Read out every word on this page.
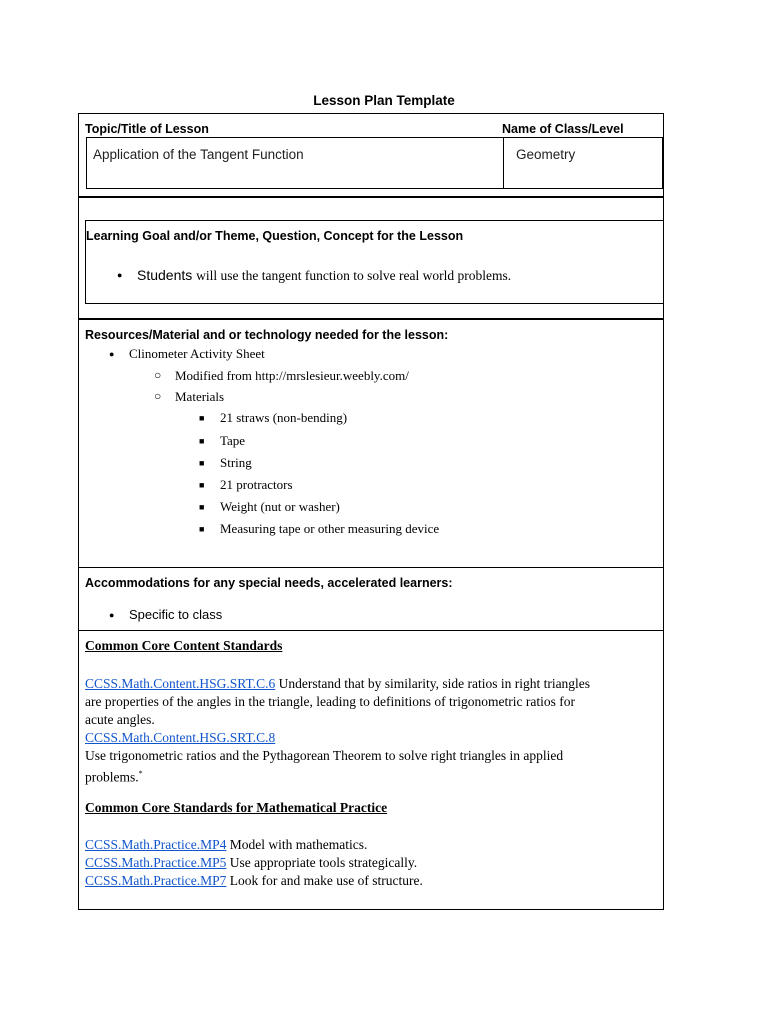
Lesson Plan Template
Topic/Title of Lesson	Name of Class/Level
Application of the Tangent Function	Geometry
Learning Goal and/or Theme, Question, Concept for the Lesson
● Students will use the tangent function to solve real world problems.
Resources/Material and or technology needed for the lesson:
● Clinometer Activity Sheet
○ Modified from http://mrslesieur.weebly.com/
○ Materials
■ 21 straws (non-bending)
■ Tape
■ String
■ 21 protractors
■ Weight (nut or washer)
■ Measuring tape or other measuring device
Accommodations for any special needs, accelerated learners:
● Specific to class
Common Core Content Standards
CCSS.Math.Content.HSG.SRT.C.6 Understand that by similarity, side ratios in right triangles
are properties of the angles in the triangle, leading to definitions of trigonometric ratios for
acute angles.
CCSS.Math.Content.HSG.SRT.C.8
Use trigonometric ratios and the Pythagorean Theorem to solve right triangles in applied
problems.*
Common Core Standards for Mathematical Practice
CCSS.Math.Practice.MP4 Model with mathematics.
CCSS.Math.Practice.MP5 Use appropriate tools strategically.
CCSS.Math.Practice.MP7 Look for and make use of structure.
